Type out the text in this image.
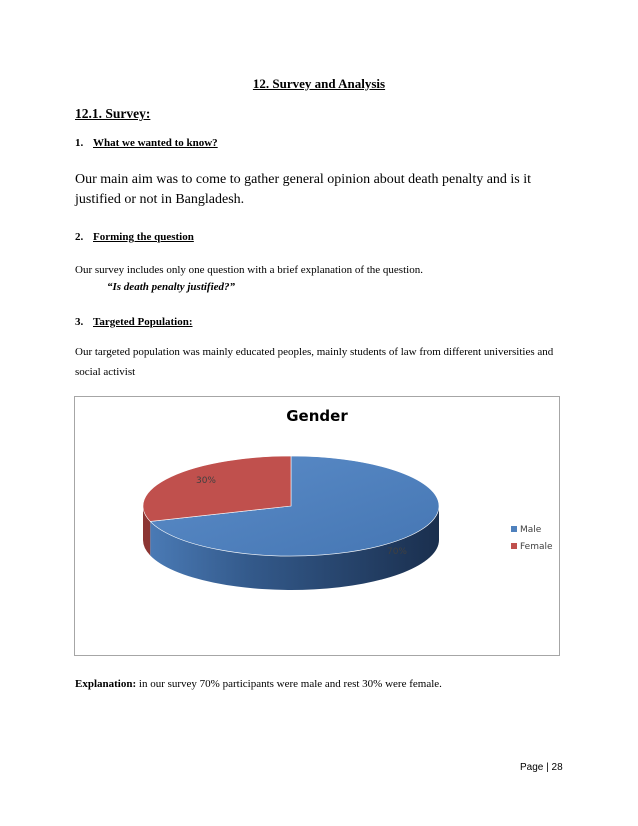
12. Survey and Analysis
12.1. Survey:
1. What we wanted to know?
Our main aim was to come to gather general opinion about death penalty and is it justified or not in Bangladesh.
2. Forming the question
Our survey includes only one question with a brief explanation of the question.
“Is death penalty justified?”
3. Targeted Population:
Our targeted population was mainly educated peoples, mainly students of law from different universities and social activist
Gender
70%
30%
Male
Female
Explanation: in our survey 70% participants were male and rest 30% were female.
Page | 28
